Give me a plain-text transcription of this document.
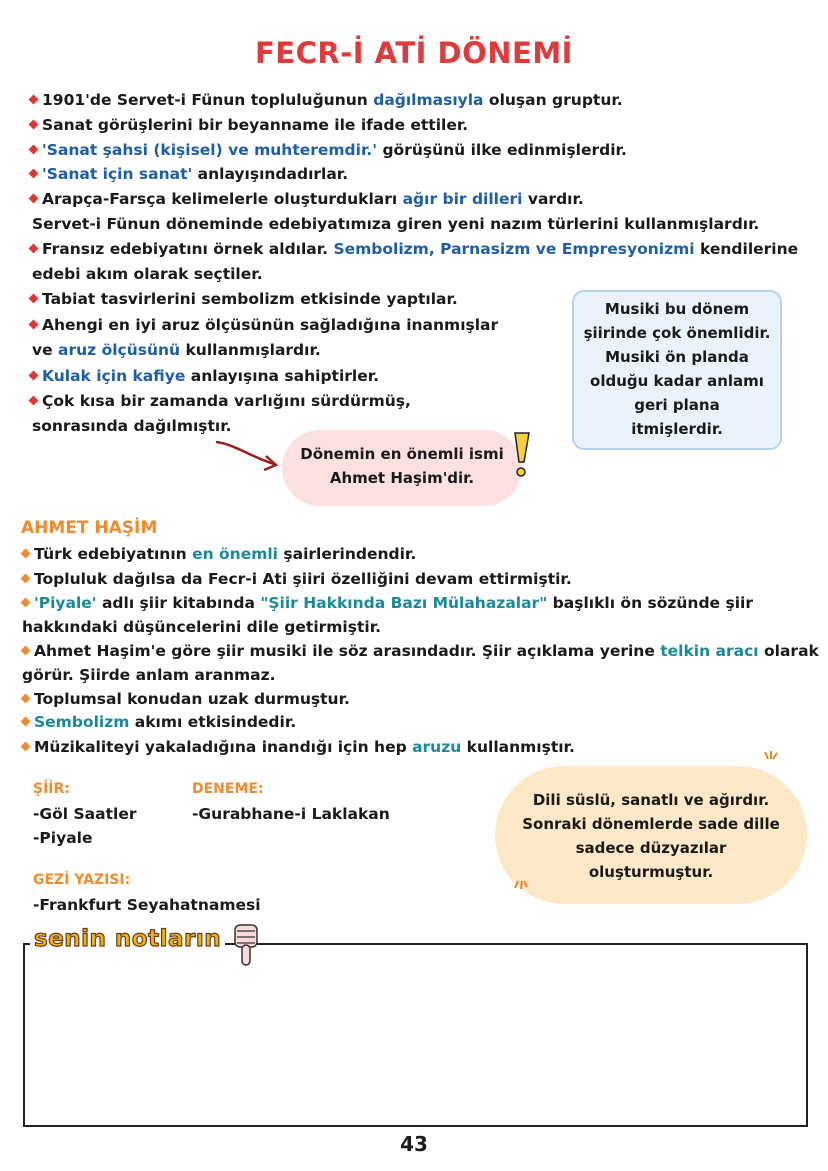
FECR-İ ATİ DÖNEMİ
1901'de Servet-i Fünun topluluğunun dağılmasıyla oluşan gruptur.
Sanat görüşlerini bir beyanname ile ifade ettiler.
'Sanat şahsi (kişisel) ve muhteremdir.' görüşünü ilke edinmişlerdir.
'Sanat için sanat' anlayışındadırlar.
Arapça-Farsça kelimelerle oluşturdukları ağır bir dilleri vardır.
Servet-i Fünun döneminde edebiyatımıza giren yeni nazım türlerini kullanmışlardır.
Fransız edebiyatını örnek aldılar. Sembolizm, Parnasizm ve Empresyonizmi kendilerine
edebi akım olarak seçtiler.
Tabiat tasvirlerini sembolizm etkisinde yaptılar.
Ahengi en iyi aruz ölçüsünün sağladığına inanmışlar
ve aruz ölçüsünü kullanmışlardır.
Kulak için kafiye anlayışına sahiptirler.
Çok kısa bir zamanda varlığını sürdürmüş,
sonrasında dağılmıştır.
Musiki bu dönem
şiirinde çok önemlidir.
Musiki ön planda
olduğu kadar anlamı
geri plana
itmişlerdir.
Dönemin en önemli ismi
Ahmet Haşim'dir.
AHMET HAŞİM
Türk edebiyatının en önemli şairlerindendir.
Topluluk dağılsa da Fecr-i Ati şiiri özelliğini devam ettirmiştir.
'Piyale' adlı şiir kitabında "Şiir Hakkında Bazı Mülahazalar" başlıklı ön sözünde şiir
hakkındaki düşüncelerini dile getirmiştir.
Ahmet Haşim'e göre şiir musiki ile söz arasındadır. Şiir açıklama yerine telkin aracı olarak
görür. Şiirde anlam aranmaz.
Toplumsal konudan uzak durmuştur.
Sembolizm akımı etkisindedir.
Müzikaliteyi yakaladığına inandığı için hep aruzu kullanmıştır.
ŞİİR:
-Göl Saatler
-Piyale
DENEME:
-Gurabhane-i Laklakan
GEZİ YAZISI:
-Frankfurt Seyahatnamesi
Dili süslü, sanatlı ve ağırdır.
Sonraki dönemlerde sade dille
sadece düzyazılar
oluşturmuştur.
senin notların
43
